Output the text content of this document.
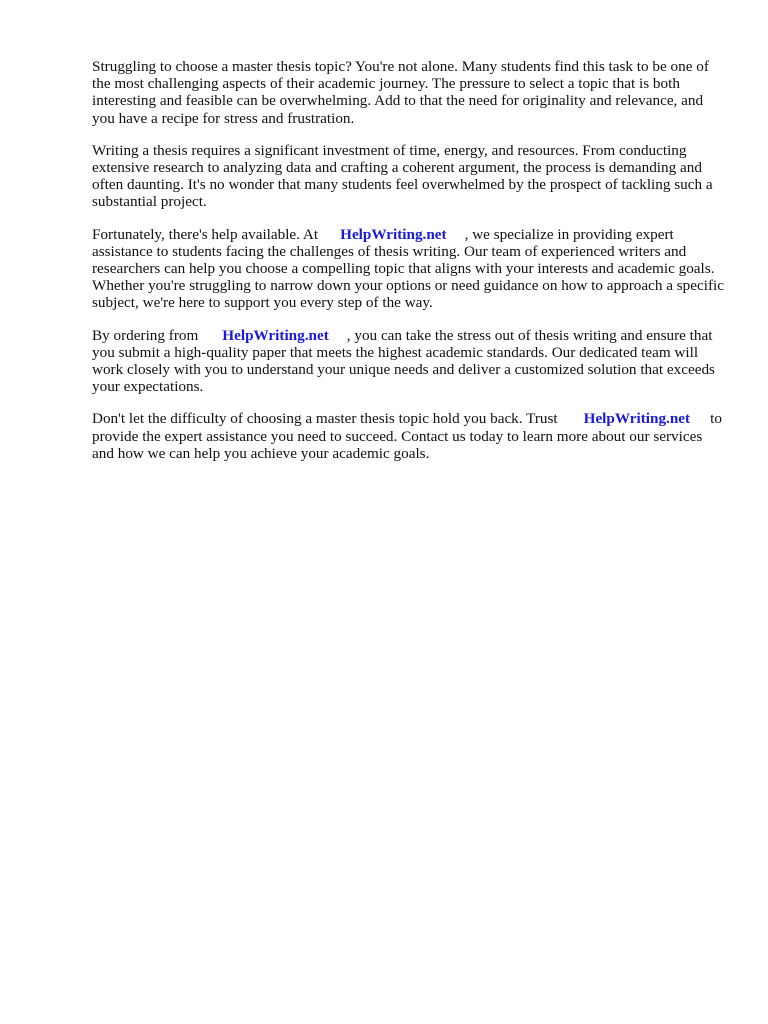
Struggling to choose a master thesis topic? You're not alone. Many students find this task to be one of the most challenging aspects of their academic journey. The pressure to select a topic that is both interesting and feasible can be overwhelming. Add to that the need for originality and relevance, and you have a recipe for stress and frustration.

Writing a thesis requires a significant investment of time, energy, and resources. From conducting extensive research to analyzing data and crafting a coherent argument, the process is demanding and often daunting. It's no wonder that many students feel overwhelmed by the prospect of tackling such a substantial project.

Fortunately, there's help available. At HelpWriting.net , we specialize in providing expert assistance to students facing the challenges of thesis writing. Our team of experienced writers and researchers can help you choose a compelling topic that aligns with your interests and academic goals. Whether you're struggling to narrow down your options or need guidance on how to approach a specific subject, we're here to support you every step of the way.

By ordering from HelpWriting.net , you can take the stress out of thesis writing and ensure that you submit a high-quality paper that meets the highest academic standards. Our dedicated team will work closely with you to understand your unique needs and deliver a customized solution that exceeds your expectations.

Don't let the difficulty of choosing a master thesis topic hold you back. Trust HelpWriting.net to provide the expert assistance you need to succeed. Contact us today to learn more about our services and how we can help you achieve your academic goals.
